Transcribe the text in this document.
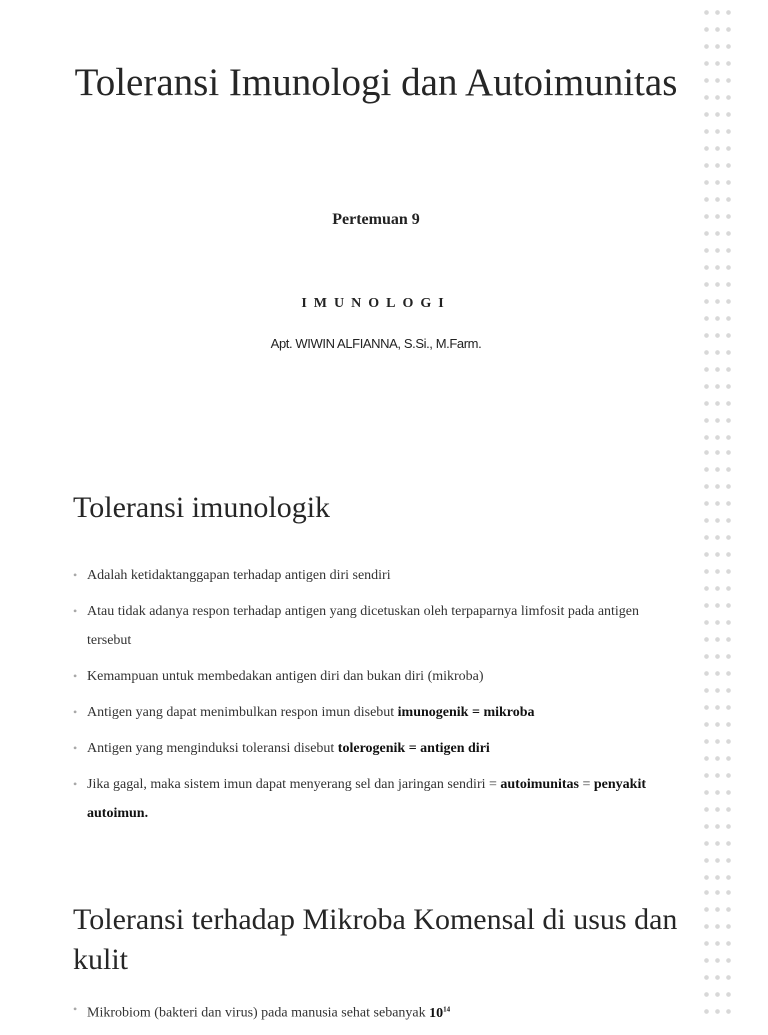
Toleransi Imunologi dan Autoimunitas

Pertemuan 9

IMUNOLOGI

Apt. WIWIN ALFIANNA, S.Si., M.Farm.

Toleransi imunologik
• Adalah ketidaktanggapan terhadap antigen diri sendiri
• Atau tidak adanya respon terhadap antigen yang dicetuskan oleh terpaparnya limfosit pada antigen tersebut
• Kemampuan untuk membedakan antigen diri dan bukan diri (mikroba)
• Antigen yang dapat menimbulkan respon imun disebut imunogenik = mikroba
• Antigen yang menginduksi toleransi disebut tolerogenik = antigen diri
• Jika gagal, maka sistem imun dapat menyerang sel dan jaringan sendiri = autoimunitas = penyakit autoimun.
Toleransi terhadap Mikroba Komensal di usus dan kulit
• Mikrobiom (bakteri dan virus) pada manusia sehat sebanyak $10^{14}$
